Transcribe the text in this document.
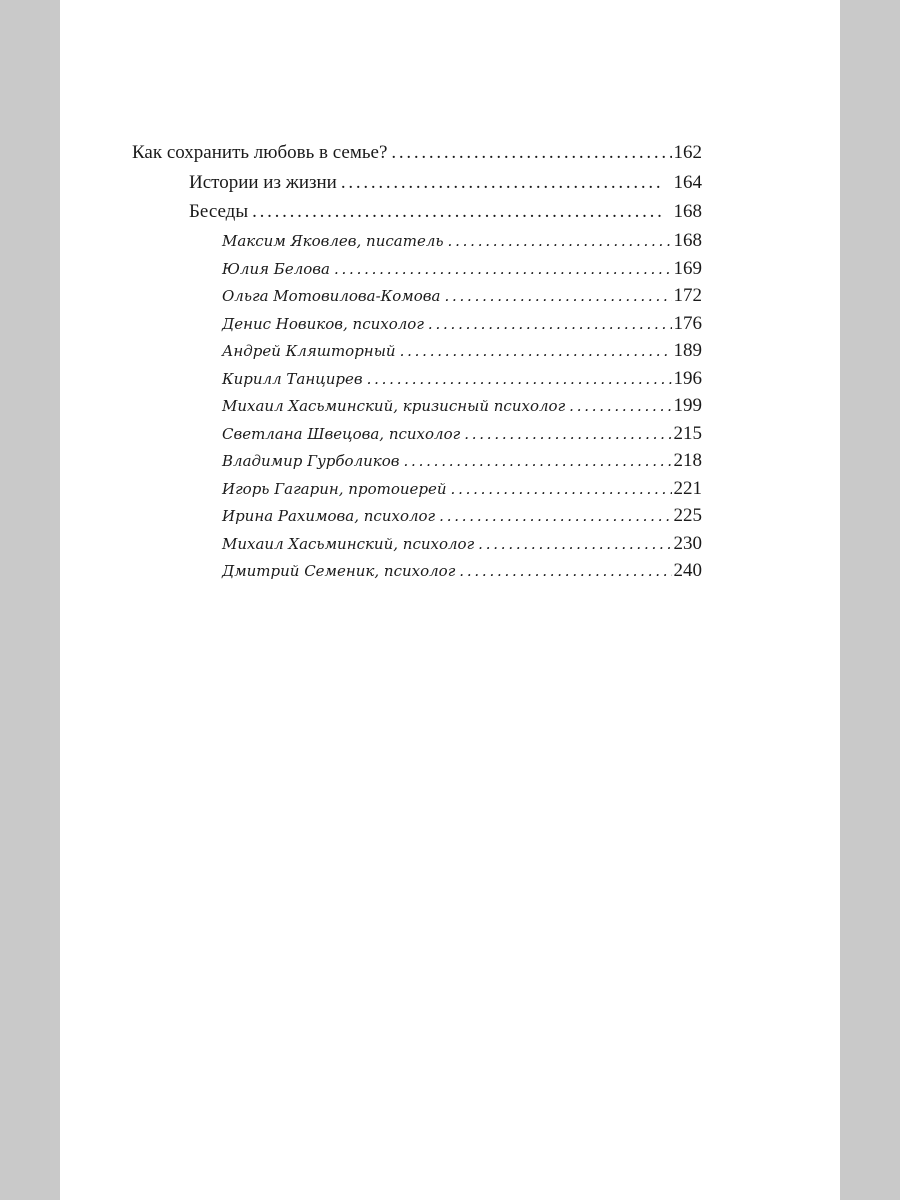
Как сохранить любовь в семье? . . .	162
Истории из жизни . . .	164
Беседы . . .	168
Максим Яковлев, писатель . . .	168
Юлия Белова . . .	169
Ольга Мотовилова-Комова . . .	172
Денис Новиков, психолог . . .	176
Андрей Кляшторный . . .	189
Кирилл Танцирев . . .	196
Михаил Хасьминский, кризисный психолог . . .	199
Светлана Швецова, психолог . . .	215
Владимир Гурболиков . . .	218
Игорь Гагарин, протоиерей . . .	221
Ирина Рахимова, психолог . . .	225
Михаил Хасьминский, психолог . . .	230
Дмитрий Семеник, психолог . . .	240
